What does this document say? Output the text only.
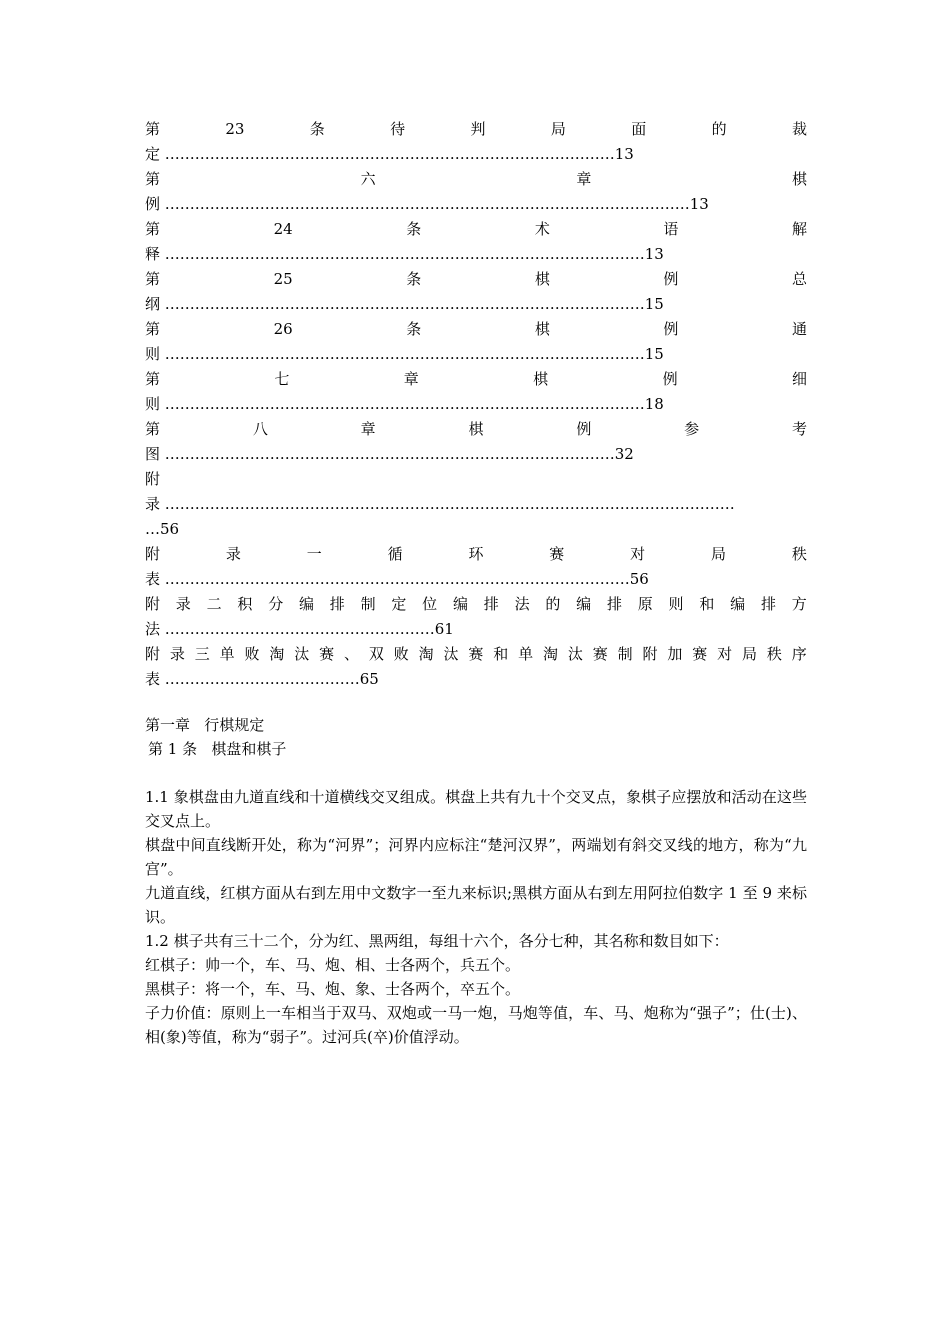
第	23	条	待	判	局	面	的	裁
定 ………………………………………………………………………………13
第	六	章	棋
例 ……………………………………………………………………………………………13
第	24	条	术	语	解
释 ……………………………………………………………………………………13
第	25	条	棋	例	总
纲 ……………………………………………………………………………………15
第	26	条	棋	例	通
则 ……………………………………………………………………………………15
第	七	章	棋	例	细
则 ……………………………………………………………………………………18
第	八	章	棋	例	参	考
图 ………………………………………………………………………………32
附
录 ……………………………………………………………………………………………………
…56
附	录	一	循	环	赛	对	局	秩
表 …………………………………………………………………………………56
附 录 二 积 分 编 排 制 定 位 编 排 法 的 编 排 原 则 和 编 排 方
法 ………………………………………………61
附 录 三 单 败 淘 汰 赛 、 双 败 淘 汰 赛 和 单 淘 汰 赛 制 附 加 赛 对 局 秩 序
表 …………………………………65
第一章   行棋规定
第 1 条   棋盘和棋子

1.1 象棋盘由九道直线和十道横线交叉组成。棋盘上共有九十个交叉点，象棋子应摆放和活动在这些交叉点上。

棋盘中间直线断开处，称为“河界”；河界内应标注“楚河汉界”，两端划有斜交叉线的地方，称为“九宫”。

九道直线，红棋方面从右到左用中文数字一至九来标识;黑棋方面从右到左用阿拉伯数字 1 至 9 来标识。

1.2 棋子共有三十二个，分为红、黑两组，每组十六个，各分七种，其名称和数目如下：

红棋子：帅一个，车、马、炮、相、士各两个，兵五个。

黑棋子：将一个，车、马、炮、象、士各两个，卒五个。

子力价值：原则上一车相当于双马、双炮或一马一炮，马炮等值，车、马、炮称为“强子”；仕(士)、相(象)等值，称为“弱子”。过河兵(卒)价值浮动。
